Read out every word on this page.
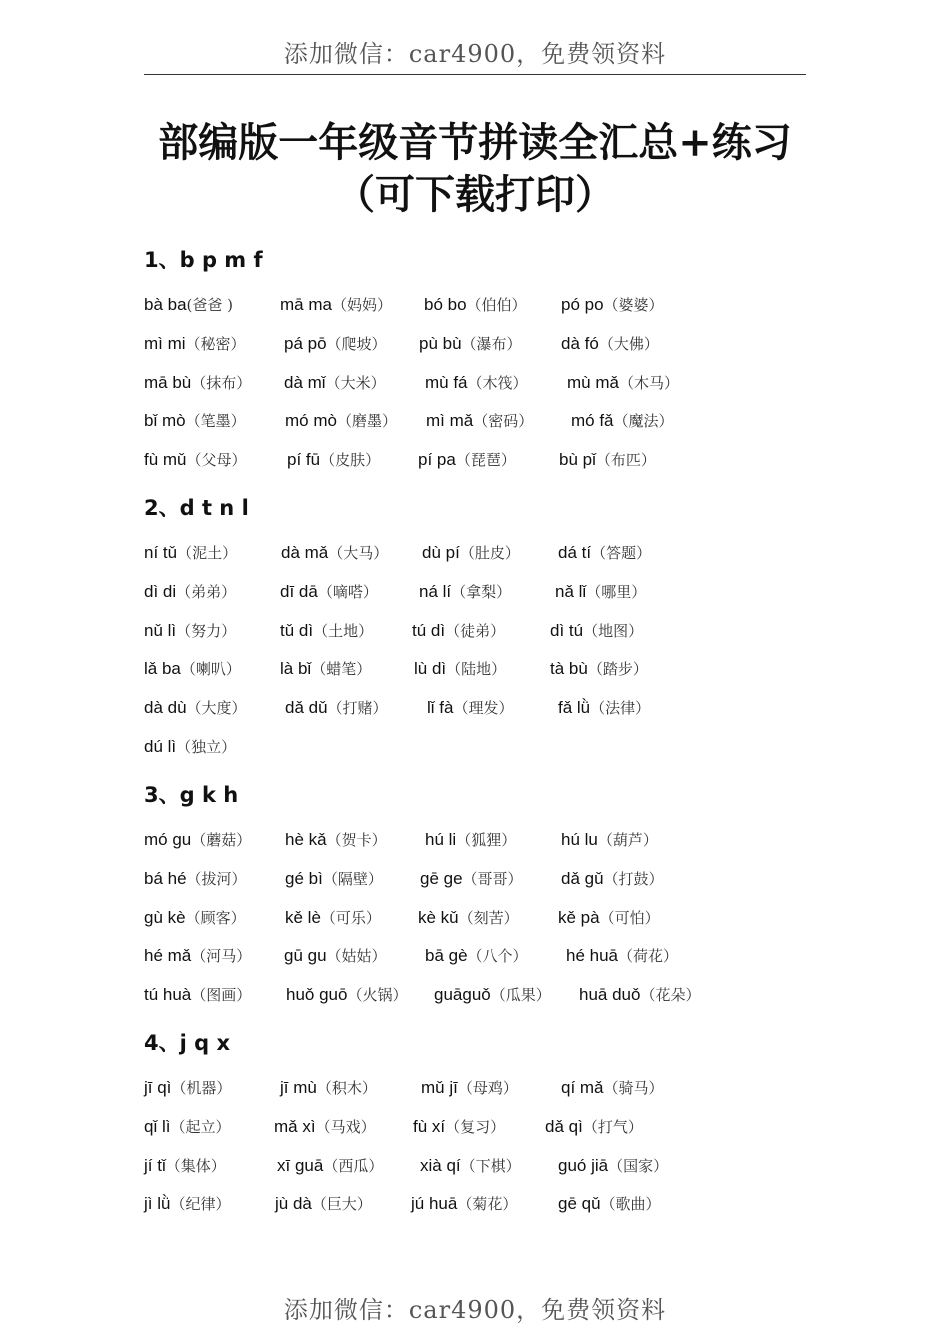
添加微信：car4900，免费领资料
部编版一年级音节拼读全汇总+练习
（可下载打印）
1、b p m f
bà ba(爸爸 )	mā ma（妈妈） bó bo（伯伯） pó po（婆婆）
mì mi（秘密） pá pō（爬坡） pù bù（瀑布） dà fó（大佛）
mā bù（抹布） dà mǐ（大米） mù fá（木筏） mù mǎ（木马）
bǐ mò（笔墨） mó mò（磨墨） mì mǎ（密码） mó fǎ（魔法）
fù mǔ（父母） pí fū（皮肤） pí pa（琵琶）	bù pǐ（布匹）
2、d t n l
ní tǔ（泥土）	dà mǎ（大马） dù pí（肚皮） dá tí（答题）
dì di（弟弟）	dī dā（嘀嗒） ná lí（拿梨）	nǎ lǐ（哪里）
nǔ lì（努力）	tǔ dì（土地） tú dì（徒弟）	dì tú（地图）
lǎ ba（喇叭） là bǐ（蜡笔）	lù dì（陆地）	tà bù（踏步）
dà dù（大度） dǎ dǔ（打赌） lǐ fà（理发）	fǎ lǜ（法律）
dú lì（独立）
3、g k h
mó gu（蘑菇） hè kǎ（贺卡） hú li（狐狸）	hú lu（葫芦）
bá hé（拔河） gé bì（隔壁） gē ge（哥哥） dǎ gǔ（打鼓）
gù kè（顾客） kě lè（可乐） kè kǔ（刻苦） kě pà（可怕）
hé mǎ（河马） gū gu（姑姑） bā gè（八个） hé huā（荷花）
tú huà（图画） huǒ guō（火锅） guāguǒ（瓜果） huā duǒ（花朵）
4、j q x
jī qì（机器）	jī mù（积木）	mǔ jī（母鸡）	qí mǎ（骑马）
qǐ lì（起立）	mǎ xì（马戏） fù xí（复习） dǎ qì（打气）
jí tǐ（集体）	xī guā（西瓜） xià qí（下棋） guó jiā（国家）
jì lǜ（纪律）	jù dà（巨大） jú huā（菊花） gē qǔ（歌曲）
添加微信：car4900，免费领资料
